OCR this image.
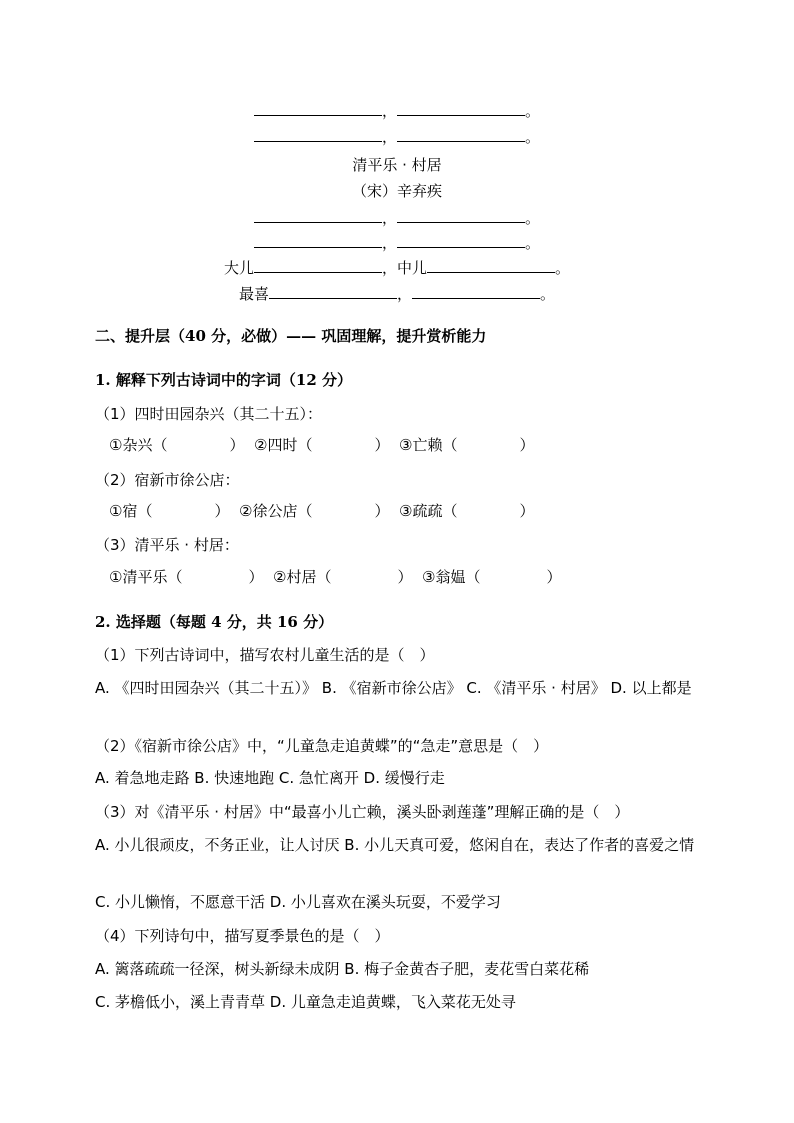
，	。
，	。
清平乐 · 村居
（宋）辛弃疾
，	。
，	。
大儿	，中儿	。
最喜	，	。
二、提升层（40 分，必做）—— 巩固理解，提升赏析能力
1. 解释下列古诗词中的字词（12 分）
（1）四时田园杂兴（其二十五）：
①杂兴（	） ②四时（	） ③亡赖（	）
（2）宿新市徐公店：
①宿（	） ②徐公店（	） ③疏疏（	）
（3）清平乐 · 村居：
①清平乐（	） ②村居（	） ③翁媪（	）
2. 选择题（每题 4 分，共 16 分）
（1）下列古诗词中，描写农村儿童生活的是（　）
A. 《四时田园杂兴（其二十五）》 B. 《宿新市徐公店》 C. 《清平乐 · 村居》 D. 以上都是
（2）《宿新市徐公店》中，“儿童急走追黄蝶”的“急走”意思是（　）
A. 着急地走路 B. 快速地跑 C. 急忙离开 D. 缓慢行走
（3）对《清平乐 · 村居》中“最喜小儿亡赖，溪头卧剥莲蓬”理解正确的是（　）
A. 小儿很顽皮，不务正业，让人讨厌 B. 小儿天真可爱，悠闲自在，表达了作者的喜爱之情
C. 小儿懒惰，不愿意干活 D. 小儿喜欢在溪头玩耍，不爱学习
（4）下列诗句中，描写夏季景色的是（　）
A. 篱落疏疏一径深，树头新绿未成阴 B. 梅子金黄杏子肥，麦花雪白菜花稀
C. 茅檐低小，溪上青青草 D. 儿童急走追黄蝶，飞入菜花无处寻
